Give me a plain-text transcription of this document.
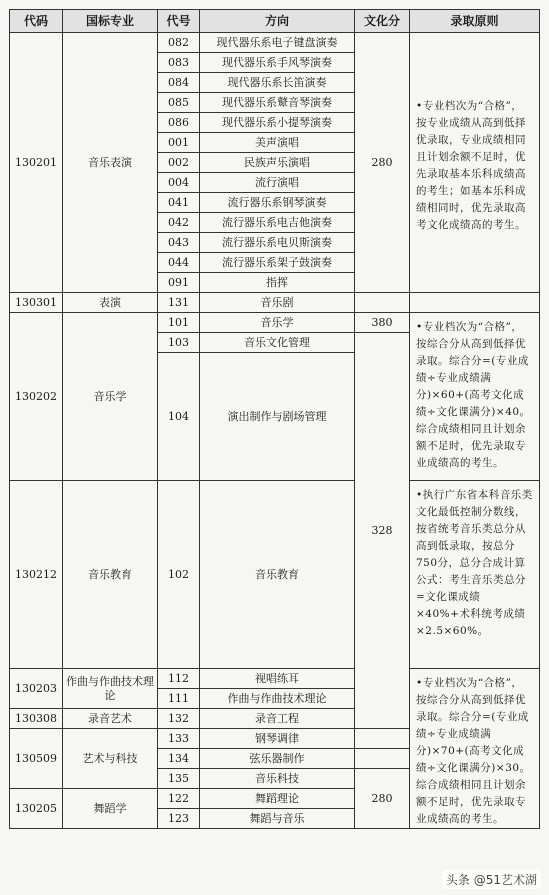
代码	国标专业	代号	方向	文化分	录取原则
130201	音乐表演	082	现代器乐系电子键盘演奏	280	•专业档次为“合格”，按专业成绩从高到低择优录取，专业成绩相同且计划余额不足时，优先录取基本乐科成绩高的考生；如基本乐科成绩相同时，优先录取高考文化成绩高的考生。
		083	现代器乐系手风琴演奏		
		084	现代器乐系长笛演奏		
		085	现代器乐系鼙音琴演奏		
		086	现代器乐系小提琴演奏		
		001	美声演唱		
		002	民族声乐演唱		
		004	流行演唱		
		041	流行器乐系钢琴演奏		
		042	流行器乐系电吉他演奏		
		043	流行器乐系电贝斯演奏		
		044	流行器乐系架子鼓演奏		
		091	指挥		
130301	表演	131	音乐剧		
130202	音乐学	101	音乐学	380	•专业档次为“合格”，按综合分从高到低择优录取。综合分=(专业成绩÷专业成绩满分)×60+(高考文化成绩÷文化课满分)×40。综合成绩相同且计划余额不足时，优先录取专业成绩高的考生。
		103	音乐文化管理	328	
		104	演出制作与剧场管理		
130212	音乐教育	102	音乐教育		•执行广东省本科音乐类文化最低控制分数线，按省统考音乐类总分从高到低录取，按总分750分，总分合成计算公式：考生音乐类总分=文化课成绩×40%+术科统考成绩×2.5×60%。
130203	作曲与作曲技术理论	112	视唱练耳		•专业档次为“合格”，按综合分从高到低择优录取。综合分=(专业成绩÷专业成绩满分)×70+(高考文化成绩÷文化课满分)×30。综合成绩相同且计划余额不足时，优先录取专业成绩高的考生。
		111	作曲与作曲技术理论		
130308	录音艺术	132	录音工程		
130509	艺术与科技	133	钢琴调律		
		134	弦乐器制作		
		135	音乐科技	280	
130205	舞蹈学	122	舞蹈理论		
		123	舞蹈与音乐		
头条 @51艺术湖
